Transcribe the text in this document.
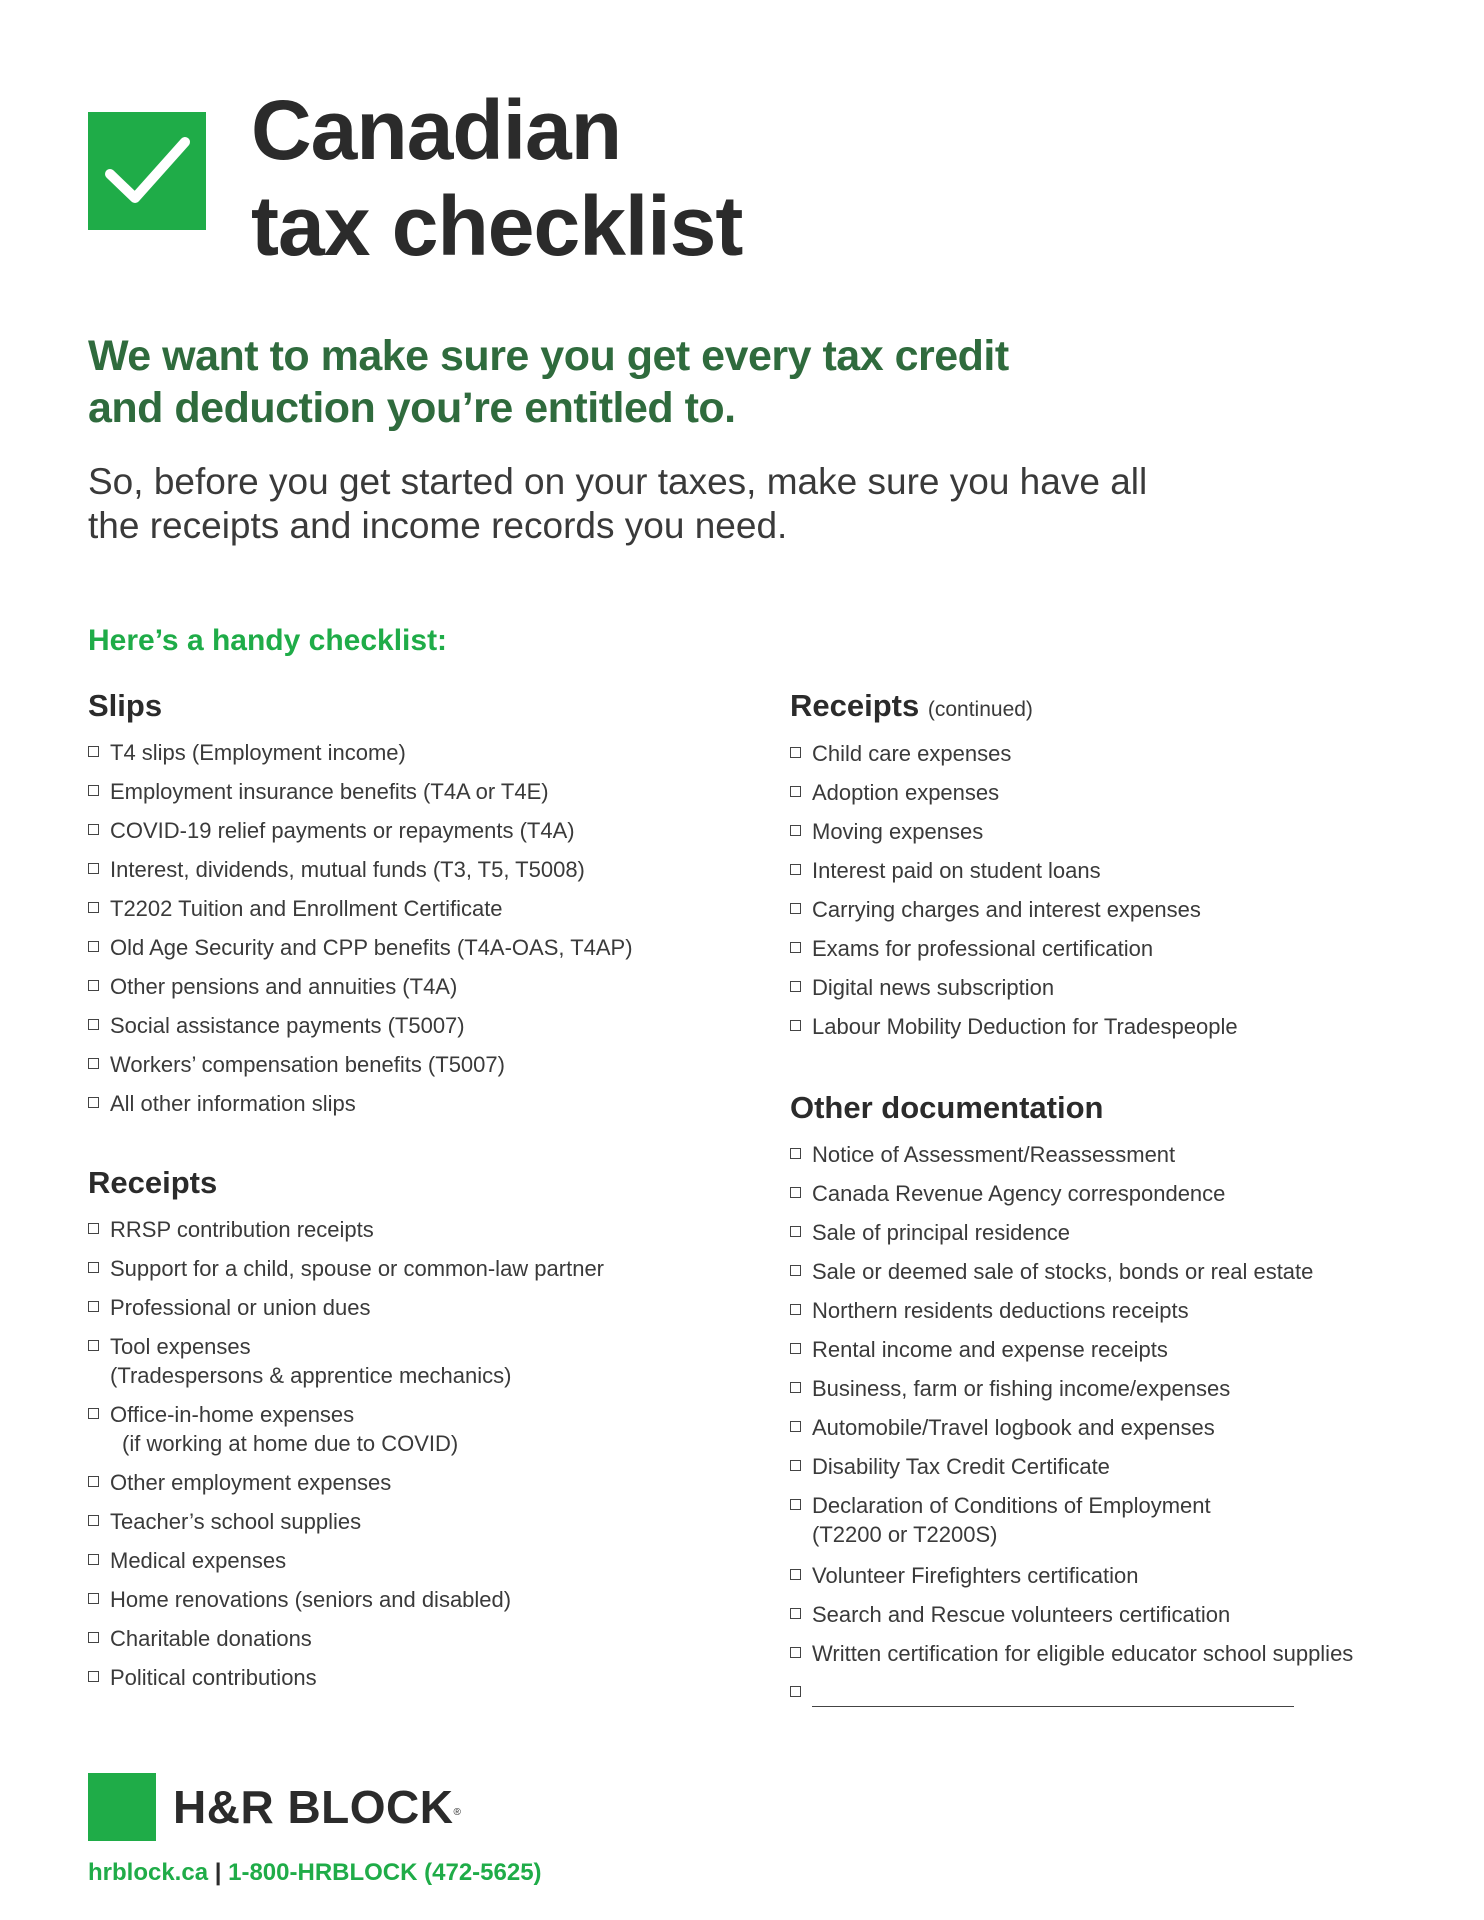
Canadian
tax checklist

We want to make sure you get every tax credit and deduction you’re entitled to.

So, before you get started on your taxes, make sure you have all the receipts and income records you need.

Here’s a handy checklist:

Slips
T4 slips (Employment income)
Employment insurance benefits (T4A or T4E)
COVID-19 relief payments or repayments (T4A)
Interest, dividends, mutual funds (T3, T5, T5008)
T2202 Tuition and Enrollment Certificate
Old Age Security and CPP benefits (T4A-OAS, T4AP)
Other pensions and annuities (T4A)
Social assistance payments (T5007)
Workers’ compensation benefits (T5007)
All other information slips
Receipts
RRSP contribution receipts
Support for a child, spouse or common-law partner
Professional or union dues
Tool expenses
(Tradespersons & apprentice mechanics)
Office-in-home expenses
(if working at home due to COVID)
Other employment expenses
Teacher’s school supplies
Medical expenses
Home renovations (seniors and disabled)
Charitable donations
Political contributions
Receipts (continued)
Child care expenses
Adoption expenses
Moving expenses
Interest paid on student loans
Carrying charges and interest expenses
Exams for professional certification
Digital news subscription
Labour Mobility Deduction for Tradespeople
Other documentation
Notice of Assessment/Reassessment
Canada Revenue Agency correspondence
Sale of principal residence
Sale or deemed sale of stocks, bonds or real estate
Northern residents deductions receipts
Rental income and expense receipts
Business, farm or fishing income/expenses
Automobile/Travel logbook and expenses
Disability Tax Credit Certificate
Declaration of Conditions of Employment
(T2200 or T2200S)
Volunteer Firefighters certification
Search and Rescue volunteers certification
Written certification for eligible educator school supplies

H&R BLOCK®

hrblock.ca | 1-800-HRBLOCK (472-5625)
